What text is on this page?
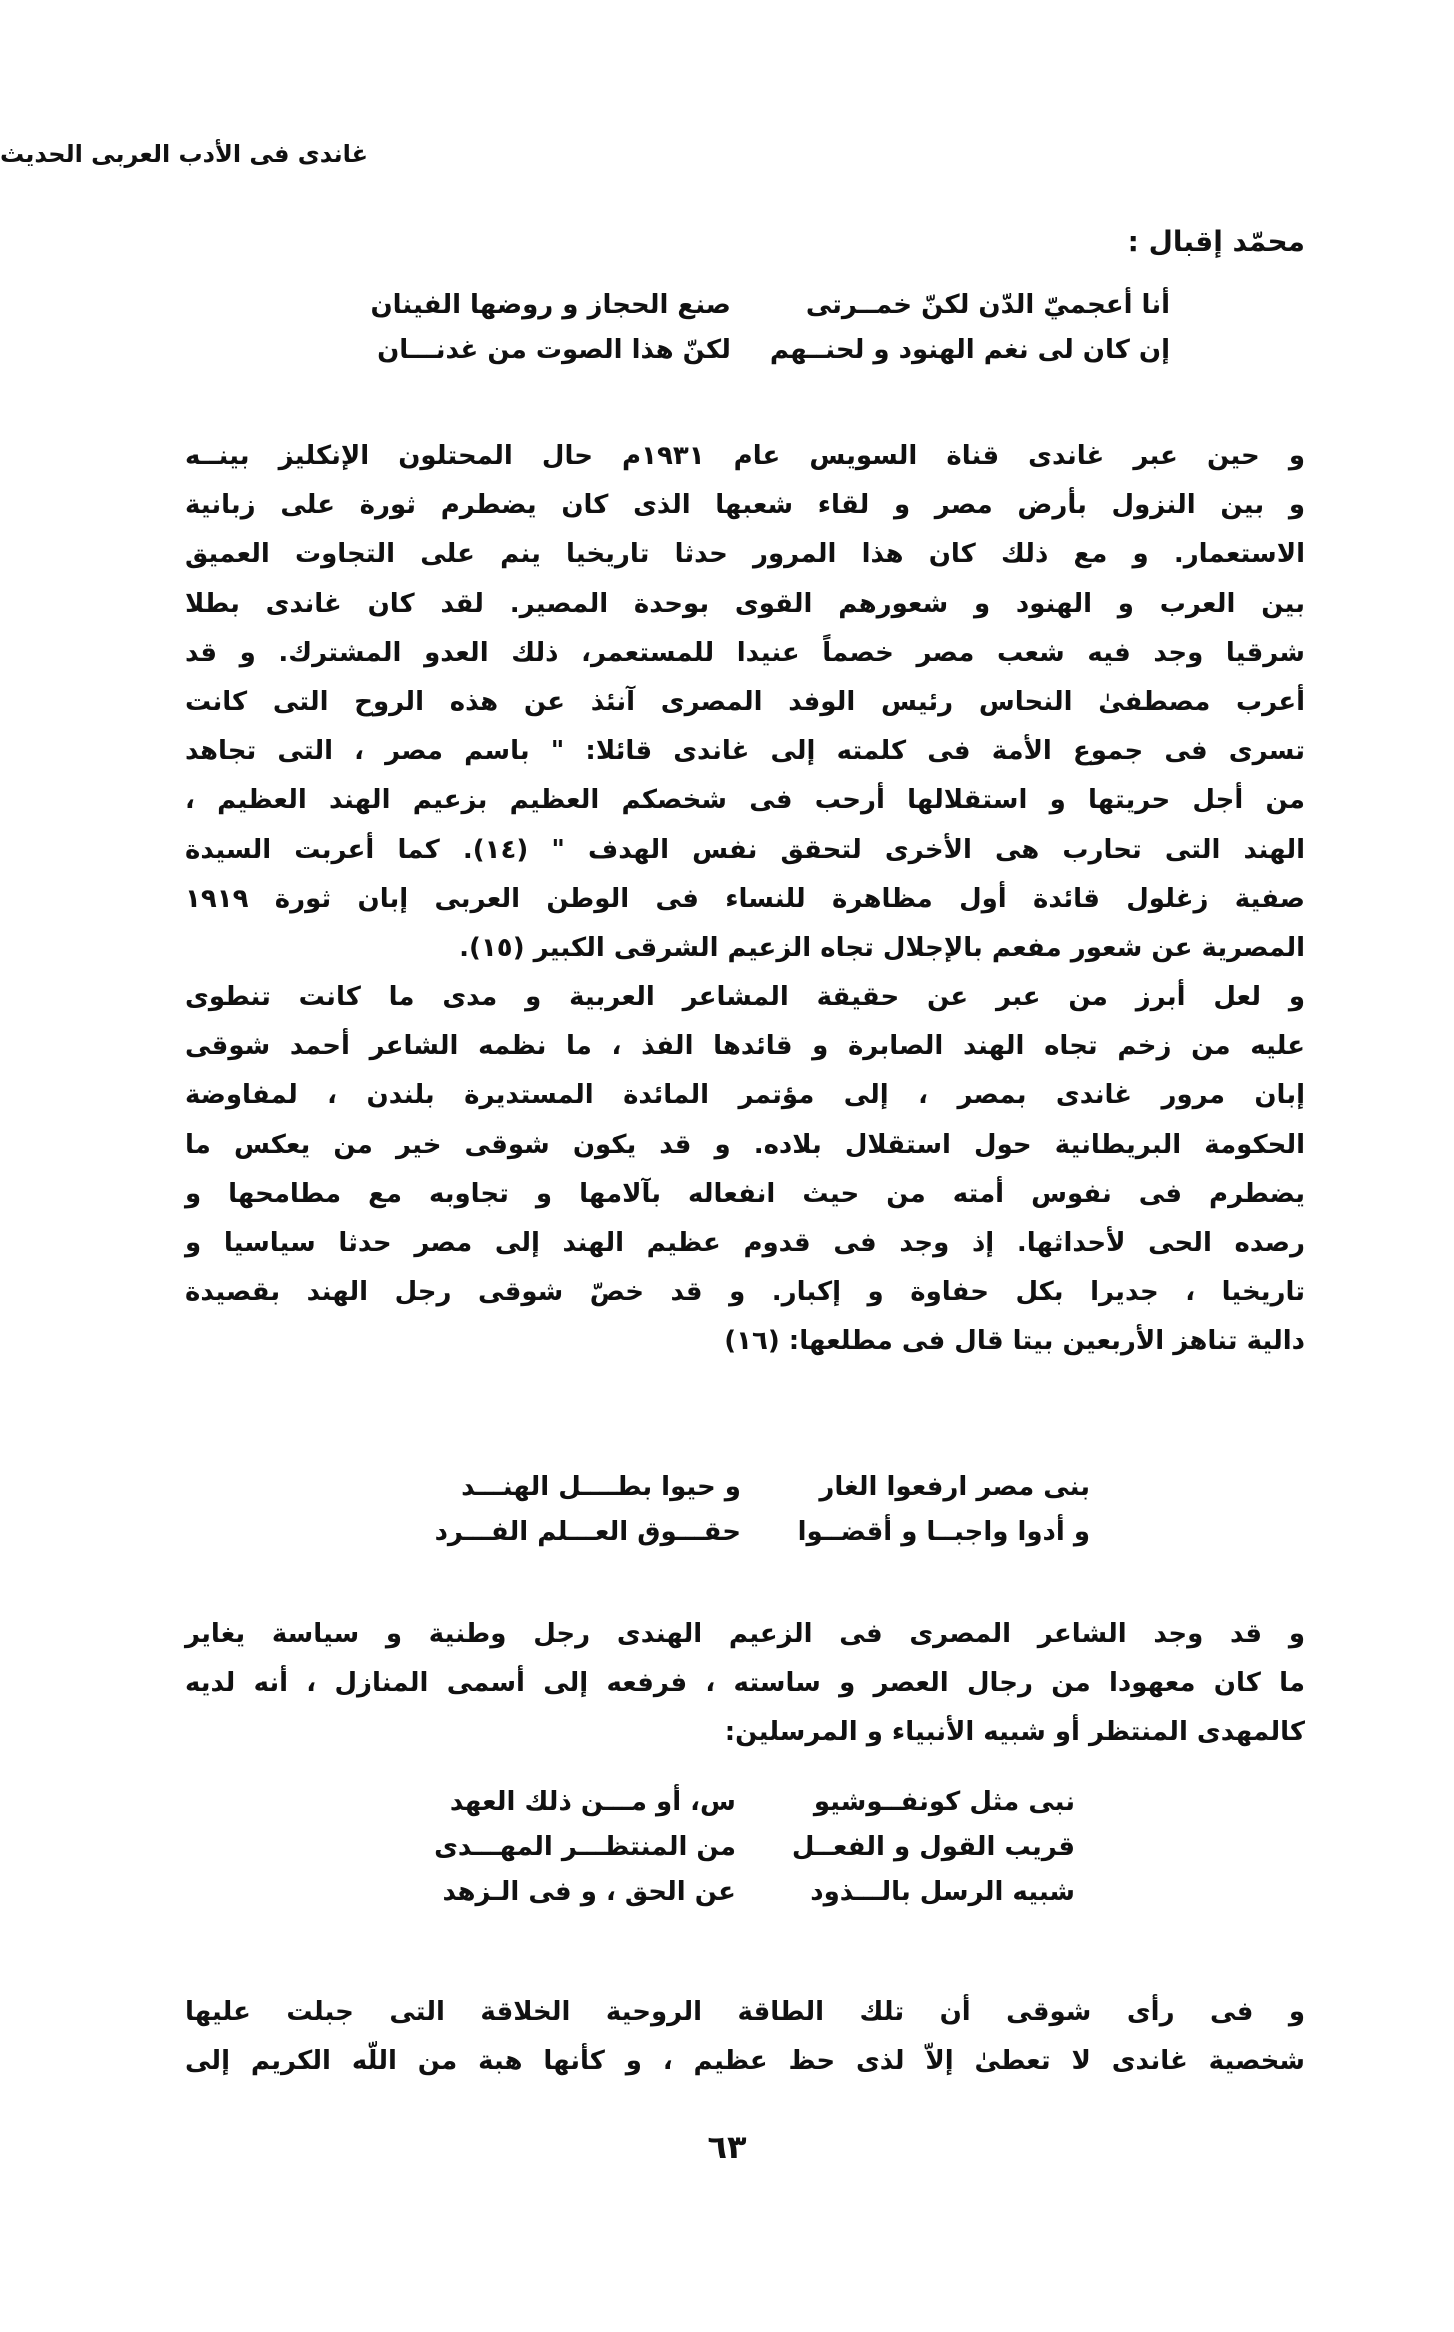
غاندى فى الأدب العربى الحديث
محمّد إقبال :
أنا أعجميّ الدّن لكنّ خمــرتى صنع الحجاز و روضها الفينان
إن كان لى نغم الهنود و لحنــهم لكنّ هذا الصوت من غدنـــان
و حين عبر غاندى قناة السويس عام ١٩٣١م حال المحتلون الإنكليز بينــه
و بين النزول بأرض مصر و لقاء شعبها الذى كان يضطرم ثورة على زبانية
الاستعمار. و مع ذلك كان هذا المرور حدثا تاريخيا ينم على التجاوت العميق
بين العرب و الهنود و شعورهم القوى بوحدة المصير. لقد كان غاندى بطلا
شرقيا وجد فيه شعب مصر خصماً عنيدا للمستعمر، ذلك العدو المشترك. و قد
أعرب مصطفىٰ النحاس رئيس الوفد المصرى آنئذ عن هذه الروح التى كانت
تسرى فى جموع الأمة فى كلمته إلى غاندى قائلا: " باسم مصر ، التى تجاهد
من أجل حريتها و استقلالها أرحب فى شخصكم العظيم بزعيم الهند العظيم ،
الهند التى تحارب هى الأخرى لتحقق نفس الهدف " (١٤). كما أعربت السيدة
صفية زغلول قائدة أول مظاهرة للنساء فى الوطن العربى إبان ثورة ١٩١٩
المصرية عن شعور مفعم بالإجلال تجاه الزعيم الشرقى الكبير (١٥).
و لعل أبرز من عبر عن حقيقة المشاعر العربية و مدى ما كانت تنطوى
عليه من زخم تجاه الهند الصابرة و قائدها الفذ ، ما نظمه الشاعر أحمد شوقى
إبان مرور غاندى بمصر ، إلى مؤتمر المائدة المستديرة بلندن ، لمفاوضة
الحكومة البريطانية حول استقلال بلاده. و قد يكون شوقى خير من يعكس ما
يضطرم فى نفوس أمته من حيث انفعاله بآلامها و تجاوبه مع مطامحها و
رصده الحى لأحداثها. إذ وجد فى قدوم عظيم الهند إلى مصر حدثا سياسيا و
تاريخيا ، جديرا بكل حفاوة و إكبار. و قد خصّ شوقى رجل الهند بقصيدة
دالية تناهز الأربعين بيتا قال فى مطلعها: (١٦)
بنى مصر ارفعوا الغار و حيوا بطــــل الهنـــد
و أدوا واجبــا و أقضــوا حقـــوق العـــلم الفـــرد
و قد وجد الشاعر المصرى فى الزعيم الهندى رجل وطنية و سياسة يغاير
ما كان معهودا من رجال العصر و ساسته ، فرفعه إلى أسمى المنازل ، أنه لديه
كالمهدى المنتظر أو شبيه الأنبياء و المرسلين:
نبى مثل كونفــوشيو س، أو مـــن ذلك العهد
قريب القول و الفعــل من المنتظـــر المهـــدى
شبيه الرسل بالـــذود عن الحق ، و فى الـزهد
و فى رأى شوقى أن تلك الطاقة الروحية الخلاقة التى جبلت عليها
شخصية غاندى لا تعطىٰ إلاّ لذى حظ عظيم ، و كأنها هبة من اللّه الكريم إلى
٦٣
